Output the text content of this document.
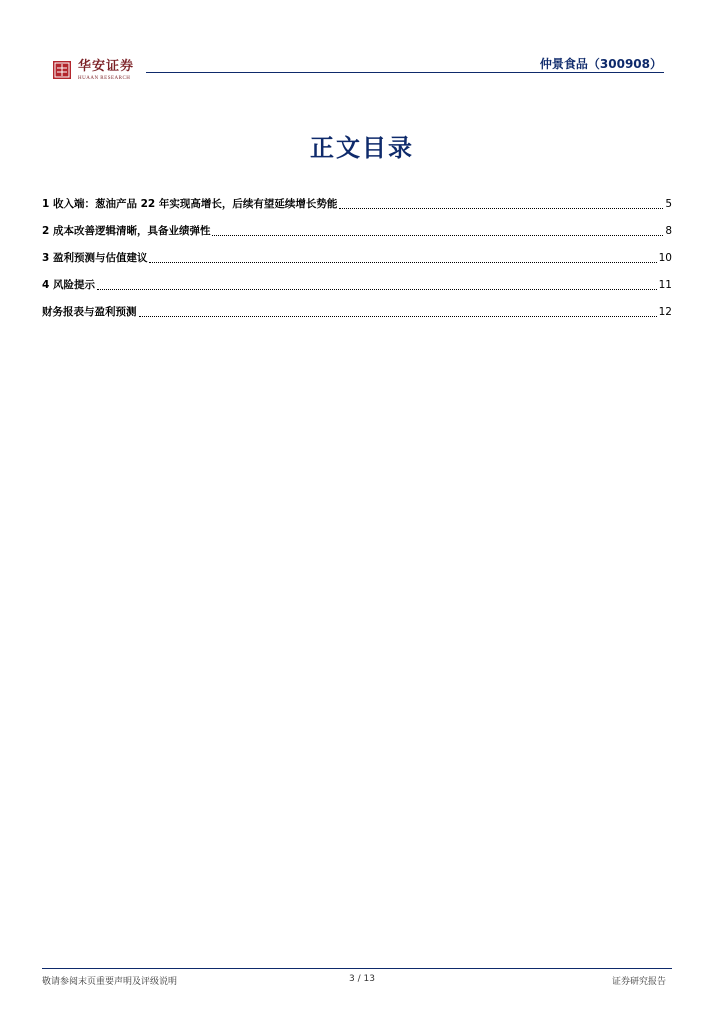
华安证券
HUAAN RESEARCH
仲景食品（300908）
正文目录
1 收入端：葱油产品 22 年实现高增长，后续有望延续增长势能	5
2 成本改善逻辑清晰，具备业绩弹性	8
3 盈利预测与估值建议	10
4 风险提示	11
财务报表与盈利预测	12
敬请参阅末页重要声明及评级说明	3 / 13	证券研究报告
